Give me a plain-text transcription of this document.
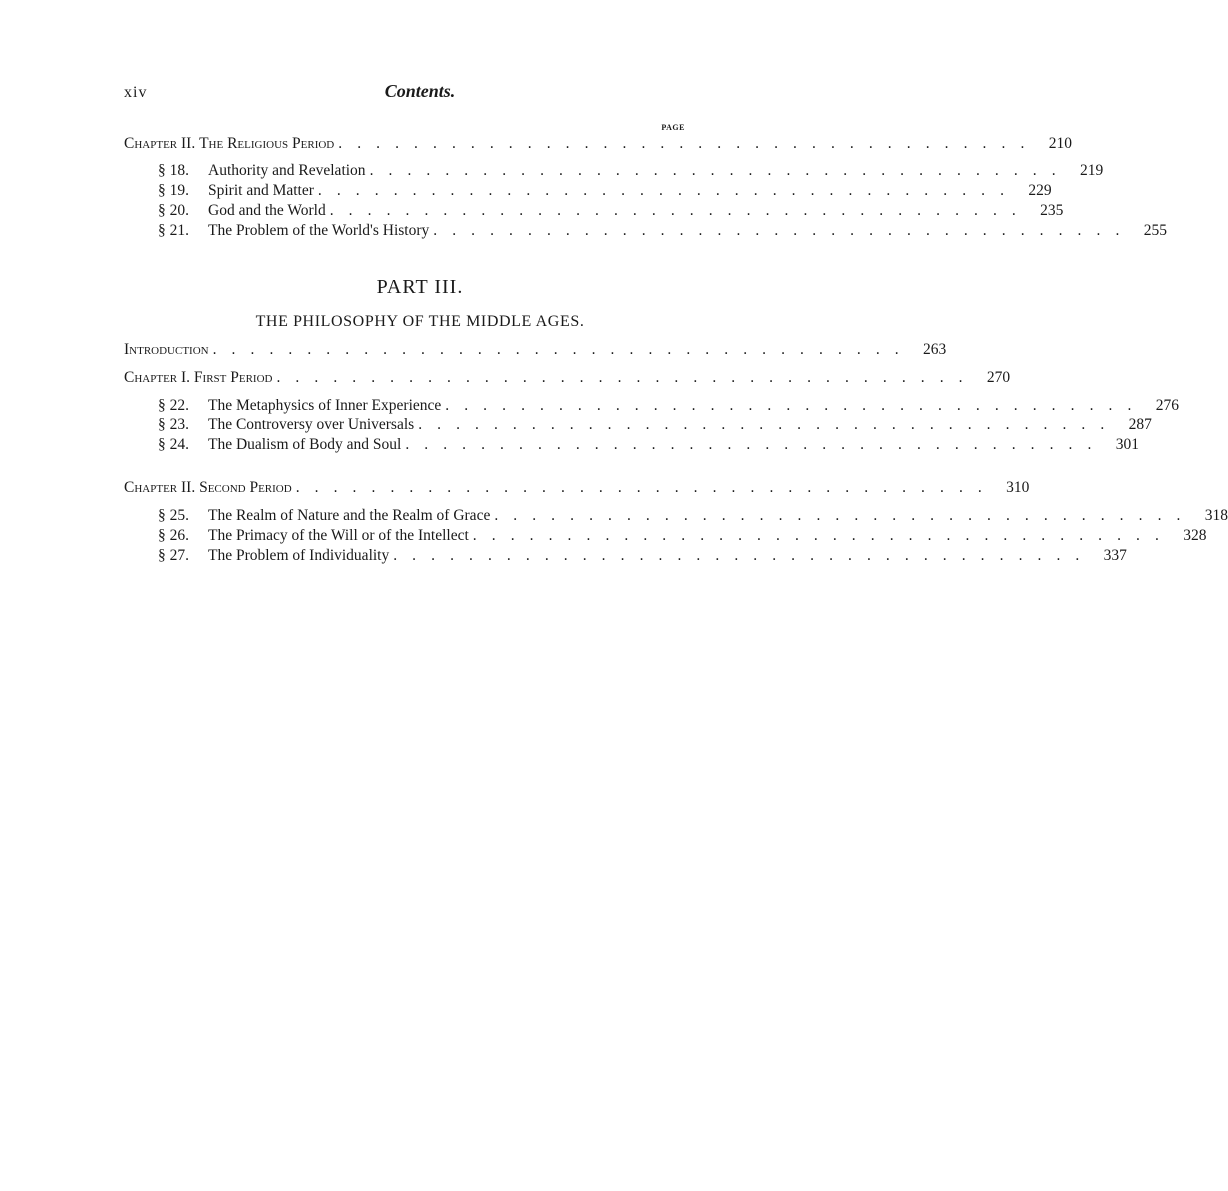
xiv	Contents.
PAGE
Chapter II. The Religious Period . . . . . . . . . . . . . . . . . . . . . . . . . . . . . . . . . . . . .	210
§ 18. Authority and Revelation . . . . . . . . . . . . . . . . . . . . . . . . . . . . . . . . . . . . .	219
§ 19. Spirit and Matter . . . . . . . . . . . . . . . . . . . . . . . . . . . . . . . . . . . . .	229
§ 20. God and the World . . . . . . . . . . . . . . . . . . . . . . . . . . . . . . . . . . . . .	235
§ 21. The Problem of the World's History . . . . . . . . . . . . . . . . . . . . . . . . . . . . . . . . . . . . .	255
PART III.
THE PHILOSOPHY OF THE MIDDLE AGES.
Introduction . . . . . . . . . . . . . . . . . . . . . . . . . . . . . . . . . . . . .	263
Chapter I. First Period . . . . . . . . . . . . . . . . . . . . . . . . . . . . . . . . . . . . .	270
§ 22. The Metaphysics of Inner Experience . . . . . . . . . . . . . . . . . . . . . . . . . . . . . . . . . . . . .	276
§ 23. The Controversy over Universals . . . . . . . . . . . . . . . . . . . . . . . . . . . . . . . . . . . . .	287
§ 24. The Dualism of Body and Soul . . . . . . . . . . . . . . . . . . . . . . . . . . . . . . . . . . . . .	301
Chapter II. Second Period . . . . . . . . . . . . . . . . . . . . . . . . . . . . . . . . . . . . .	310
§ 25. The Realm of Nature and the Realm of Grace . . . . . . . . . . . . . . . . . . . . . . . . . . . . . . . . . . . . .	318
§ 26. The Primacy of the Will or of the Intellect . . . . . . . . . . . . . . . . . . . . . . . . . . . . . . . . . . . . .	328
§ 27. The Problem of Individuality . . . . . . . . . . . . . . . . . . . . . . . . . . . . . . . . . . . . .	337
